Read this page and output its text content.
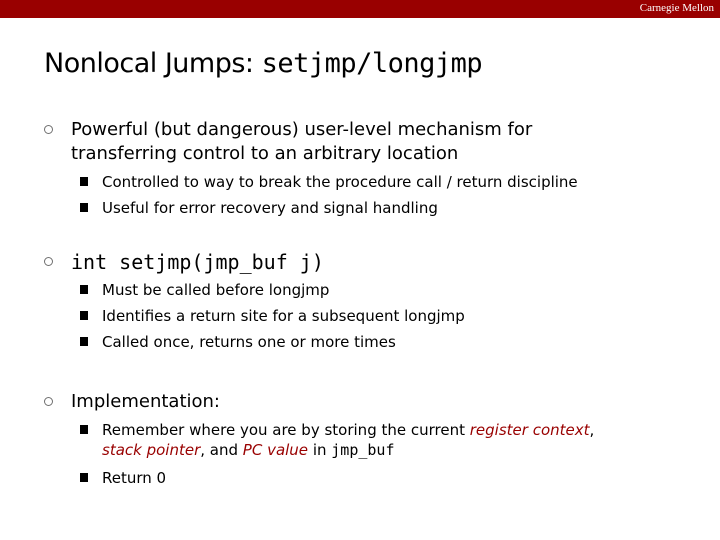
Carnegie Mellon
Nonlocal Jumps: setjmp/longjmp
Powerful (but dangerous) user-level mechanism for
transferring control to an arbitrary location
Controlled to way to break the procedure call / return discipline
Useful for error recovery and signal handling
int setjmp(jmp_buf j)
Must be called before longjmp
Identifies a return site for a subsequent longjmp
Called once, returns one or more times
Implementation:
Remember where you are by storing the current register context,
stack pointer, and PC value in jmp_buf
Return 0
